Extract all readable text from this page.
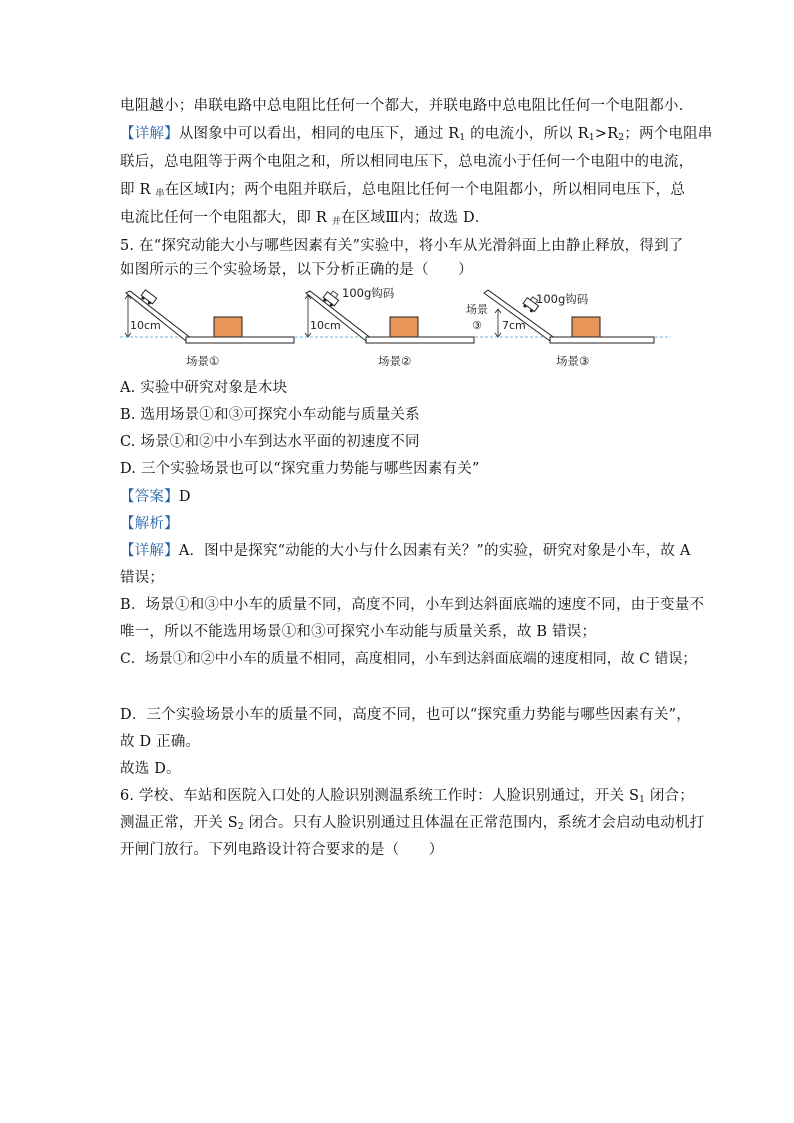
电阻越小；串联电路中总电阻比任何一个都大，并联电路中总电阻比任何一个电阻都小．
【详解】从图象中可以看出，相同的电压下，通过 $R_1$ 的电流小，所以 $R_1>R_2$；两个电阻串
联后，总电阻等于两个电阻之和，所以相同电压下，总电流小于任何一个电阻中的电流，
即 R $_串$在区域Ⅰ内；两个电阻并联后，总电阻比任何一个电阻都小，所以相同电压下，总
电流比任何一个电阻都大，即 R $_并$在区域Ⅲ内；故选 D．
5. 在“探究动能大小与哪些因素有关”实验中，将小车从光滑斜面上由静止释放，得到了
如图所示的三个实验场景，以下分析正确的是（　　）
10cm
场景①
10cm
100g钩码
场景②
场景
③ 7cm
100g钩码
场景③
A. 实验中研究对象是木块
B. 选用场景①和③可探究小车动能与质量关系
C. 场景①和②中小车到达水平面的初速度不同
D. 三个实验场景也可以“探究重力势能与哪些因素有关”
【答案】D
【解析】
【详解】A．图中是探究“动能的大小与什么因素有关？”的实验，研究对象是小车，故 A
错误；
B．场景①和③中小车的质量不同，高度不同，小车到达斜面底端的速度不同，由于变量不
唯一，所以不能选用场景①和③可探究小车动能与质量关系，故 B 错误；
C．场景①和②中小车的质量不相同，高度相同，小车到达斜面底端的速度相同，故 C 错误；
D．三个实验场景小车的质量不同，高度不同，也可以“探究重力势能与哪些因素有关”，
故 D 正确。
故选 D。
6. 学校、车站和医院入口处的人脸识别测温系统工作时：人脸识别通过，开关 $S_1$ 闭合；
测温正常，开关 $S_2$ 闭合。只有人脸识别通过且体温在正常范围内，系统才会启动电动机打
开闸门放行。下列电路设计符合要求的是（　　）
